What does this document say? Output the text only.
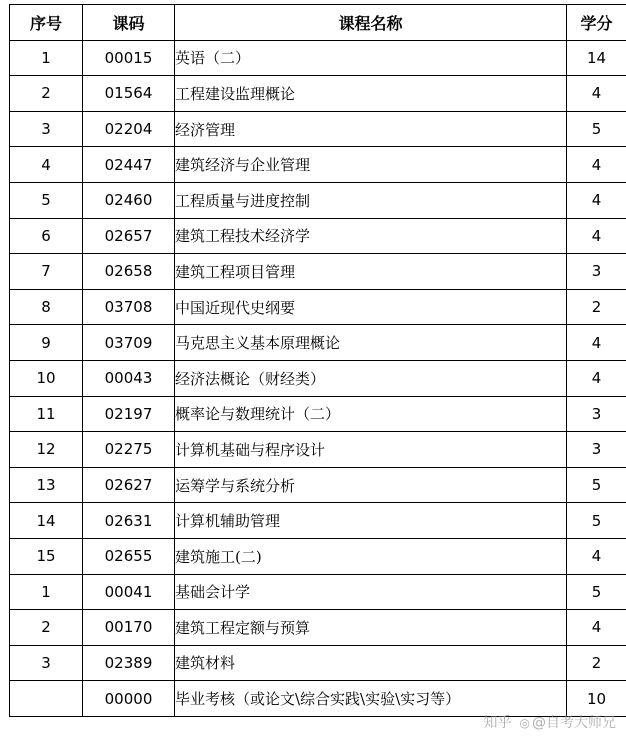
序号	课码	课程名称	学分
1	00015	英语（二）	14
2	01564	工程建设监理概论	4
3	02204	经济管理	5
4	02447	建筑经济与企业管理	4
5	02460	工程质量与进度控制	4
6	02657	建筑工程技术经济学	4
7	02658	建筑工程项目管理	3
8	03708	中国近现代史纲要	2
9	03709	马克思主义基本原理概论	4
10	00043	经济法概论（财经类）	4
11	02197	概率论与数理统计（二）	3
12	02275	计算机基础与程序设计	3
13	02627	运筹学与系统分析	5
14	02631	计算机辅助管理	5
15	02655	建筑施工(二)	4
1	00041	基础会计学	5
2	00170	建筑工程定额与预算	4
3	02389	建筑材料	2
	00000	毕业考核（或论文\综合实践\实验\实习等）	10
知乎 ◎ @自考大师兄
